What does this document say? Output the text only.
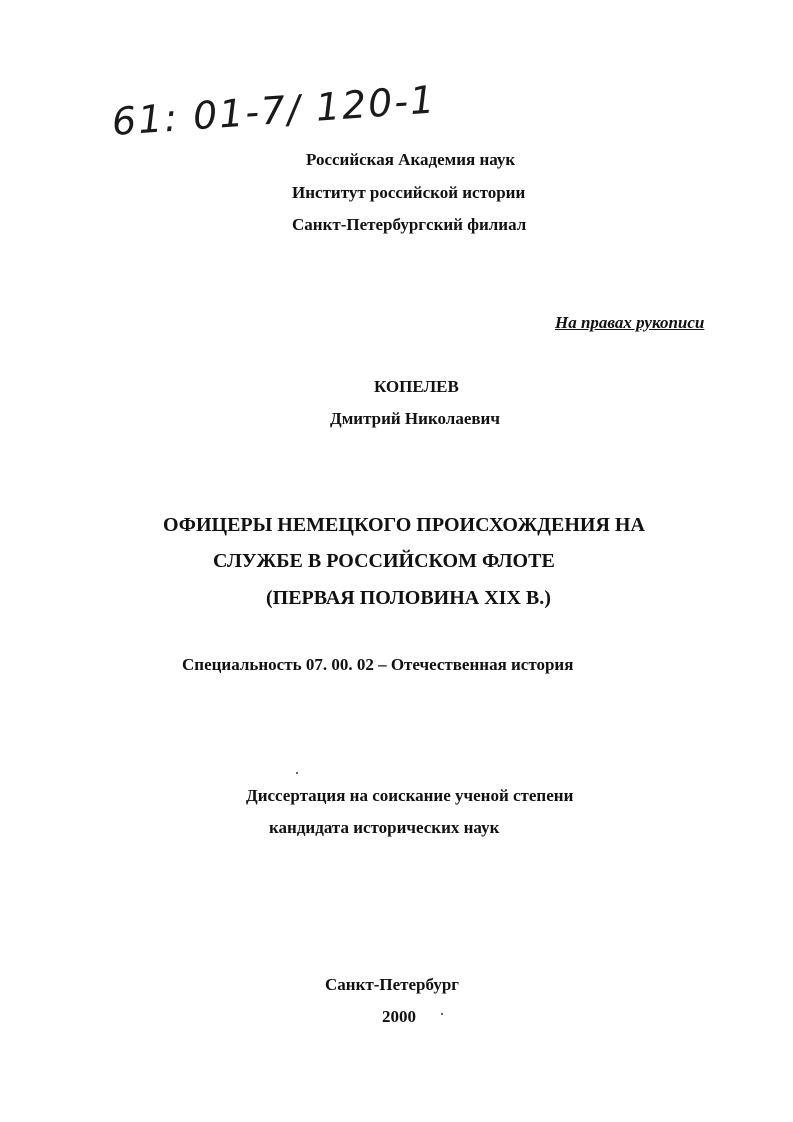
61: 01-7/ 120-1
Российская Академия наук
Институт российской истории
Санкт-Петербургский филиал
На правах рукописи
КОПЕЛЕВ
Дмитрий Николаевич
ОФИЦЕРЫ НЕМЕЦКОГО ПРОИСХОЖДЕНИЯ НА
СЛУЖБЕ В РОССИЙСКОМ ФЛОТЕ
(ПЕРВАЯ ПОЛОВИНА XIX В.)
Специальность 07. 00. 02 – Отечественная история
Диссертация на соискание ученой степени
кандидата исторических наук
Санкт-Петербург
2000
